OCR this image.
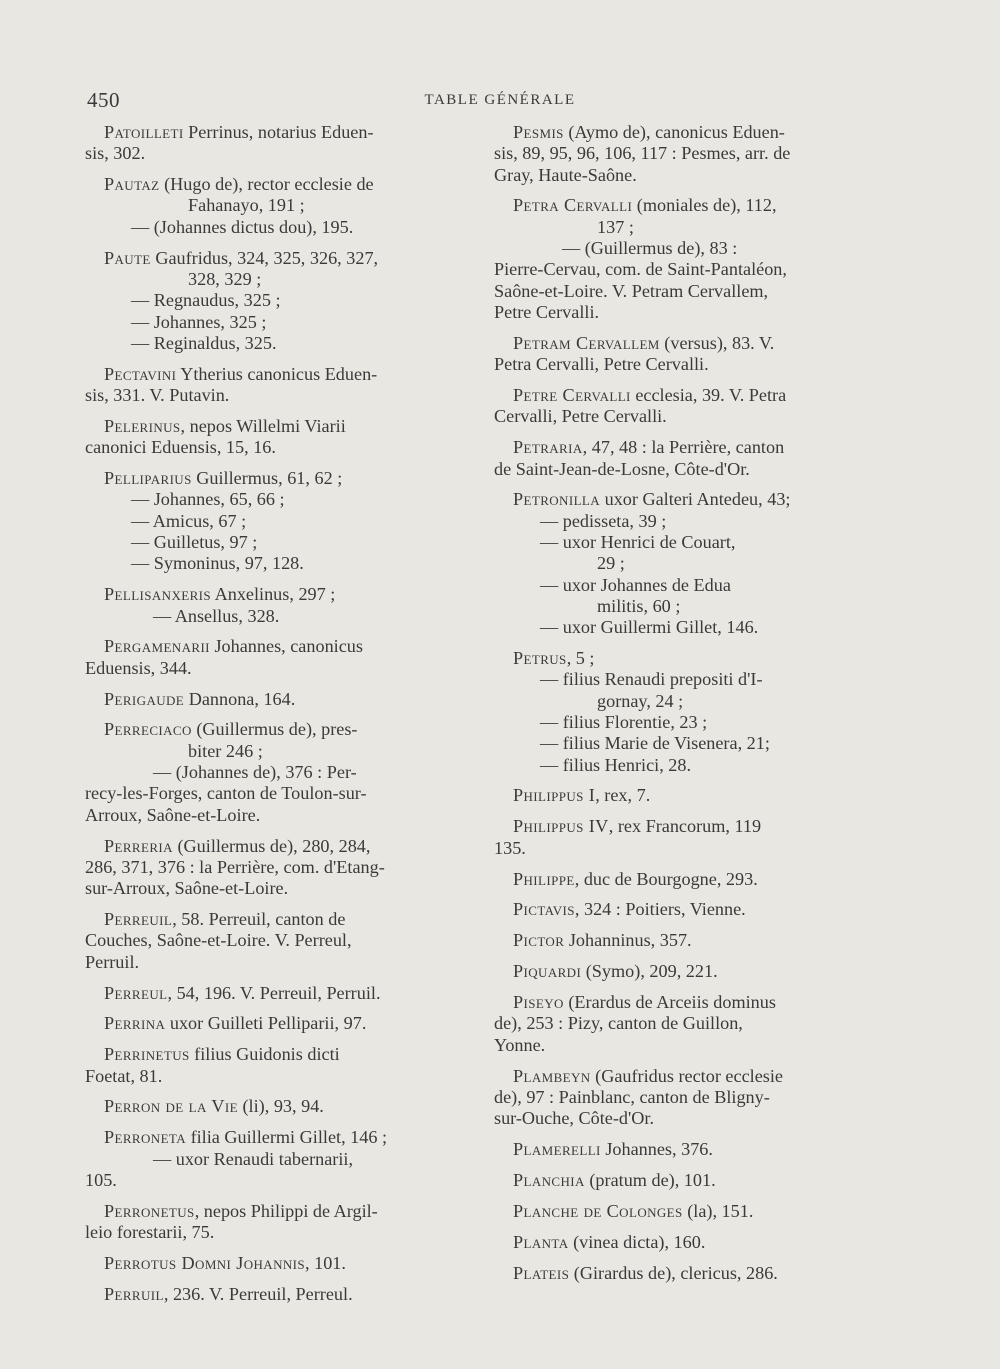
450	TABLE GÉNÉRALE
Patoilleti Perrinus, notarius Eduen-
sis, 302.
Pautaz (Hugo de), rector ecclesie de
Fahanayo, 191 ;
— (Johannes dictus dou), 195.
Paute Gaufridus, 324, 325, 326, 327,
328, 329 ;
— Regnaudus, 325 ;
— Johannes, 325 ;
— Reginaldus, 325.
Pectavini Ytherius canonicus Eduen-
sis, 331. V. Putavin.
Pelerinus, nepos Willelmi Viarii
canonici Eduensis, 15, 16.
Pelliparius Guillermus, 61, 62 ;
— Johannes, 65, 66 ;
— Amicus, 67 ;
— Guilletus, 97 ;
— Symoninus, 97, 128.
Pellisanxeris Anxelinus, 297 ;
— Ansellus, 328.
Pergamenarii Johannes, canonicus
Eduensis, 344.
Perigaude Dannona, 164.
Perreciaco (Guillermus de), pres-
biter 246 ;
— (Johannes de), 376 : Per-
recy-les-Forges, canton de Toulon-sur-
Arroux, Saône-et-Loire.
Perreria (Guillermus de), 280, 284,
286, 371, 376 : la Perrière, com. d'Etang-
sur-Arroux, Saône-et-Loire.
Perreuil, 58. Perreuil, canton de
Couches, Saône-et-Loire. V. Perreul,
Perruil.
Perreul, 54, 196. V. Perreuil, Perruil.
Perrina uxor Guilleti Pelliparii, 97.
Perrinetus filius Guidonis dicti
Foetat, 81.
Perron de la Vie (li), 93, 94.
Perroneta filia Guillermi Gillet, 146 ;
— uxor Renaudi tabernarii,
105.
Perronetus, nepos Philippi de Argil-
leio forestarii, 75.
Perrotus Domni Johannis, 101.
Perruil, 236. V. Perreuil, Perreul.
Pesmis (Aymo de), canonicus Eduen-
sis, 89, 95, 96, 106, 117 : Pesmes, arr. de
Gray, Haute-Saône.
Petra Cervalli (moniales de), 112,
137 ;
— (Guillermus de), 83 :
Pierre-Cervau, com. de Saint-Pantaléon,
Saône-et-Loire. V. Petram Cervallem,
Petre Cervalli.
Petram Cervallem (versus), 83. V.
Petra Cervalli, Petre Cervalli.
Petre Cervalli ecclesia, 39. V. Petra
Cervalli, Petre Cervalli.
Petraria, 47, 48 : la Perrière, canton
de Saint-Jean-de-Losne, Côte-d'Or.
Petronilla uxor Galteri Antedeu, 43;
— pedisseta, 39 ;
— uxor Henrici de Couart,
29 ;
— uxor Johannes de Edua
militis, 60 ;
— uxor Guillermi Gillet, 146.
Petrus, 5 ;
— filius Renaudi prepositi d'I-
gornay, 24 ;
— filius Florentie, 23 ;
— filius Marie de Visenera, 21;
— filius Henrici, 28.
Philippus I, rex, 7.
Philippus IV, rex Francorum, 119
135.
Philippe, duc de Bourgogne, 293.
Pictavis, 324 : Poitiers, Vienne.
Pictor Johanninus, 357.
Piquardi (Symo), 209, 221.
Piseyo (Erardus de Arceiis dominus
de), 253 : Pizy, canton de Guillon,
Yonne.
Plambeyn (Gaufridus rector ecclesie
de), 97 : Painblanc, canton de Bligny-
sur-Ouche, Côte-d'Or.
Plamerelli Johannes, 376.
Planchia (pratum de), 101.
Planche de Colonges (la), 151.
Planta (vinea dicta), 160.
Plateis (Girardus de), clericus, 286.
